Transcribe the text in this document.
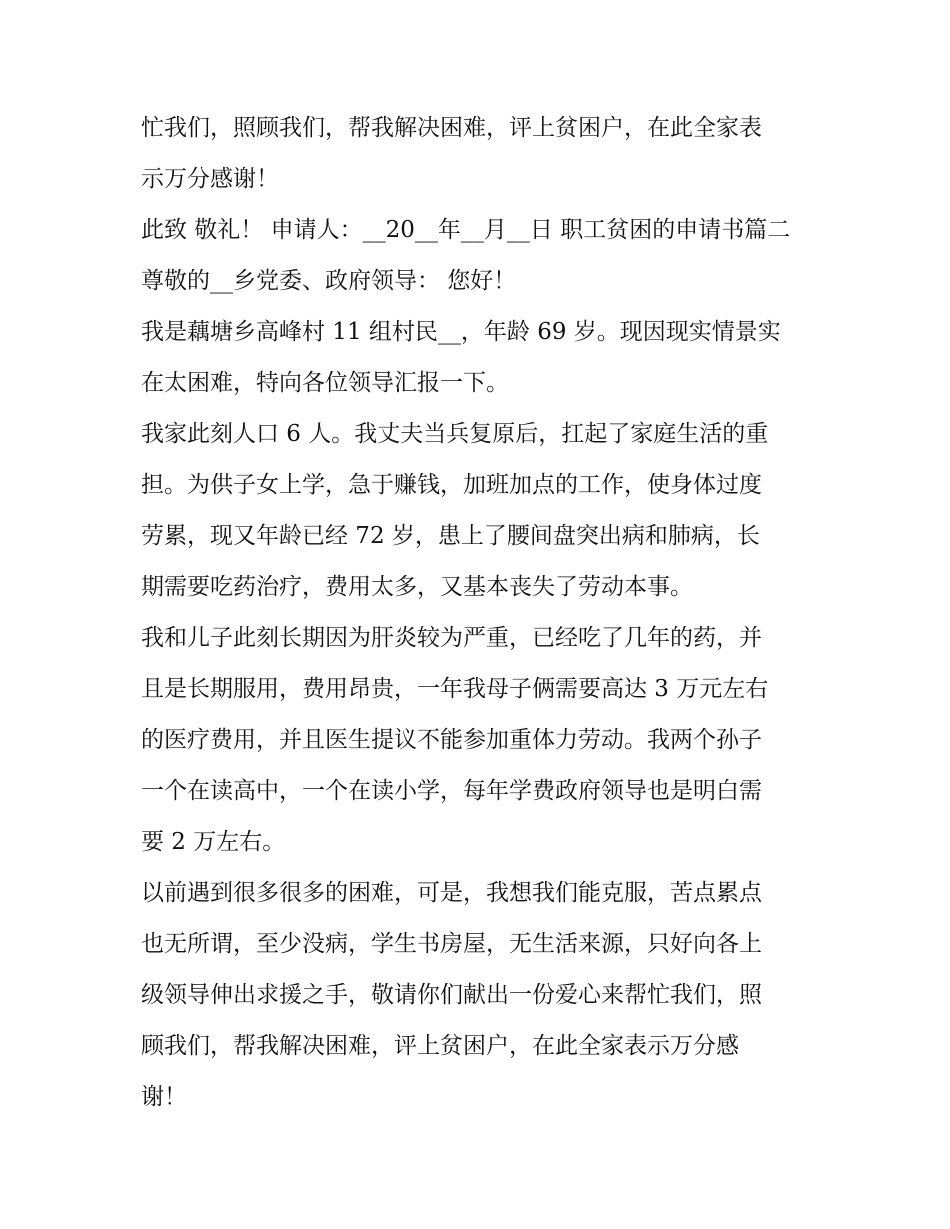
忙我们，照顾我们，帮我解决困难，评上贫困户，在此全家表
示万分感谢！
此致 敬礼！ 申请人：__20__年__月__日 职工贫困的申请书篇二
尊敬的__乡党委、政府领导： 您好！
我是藕塘乡高峰村 11 组村民__，年龄 69 岁。现因现实情景实
在太困难，特向各位领导汇报一下。
我家此刻人口 6 人。我丈夫当兵复原后，扛起了家庭生活的重
担。为供子女上学，急于赚钱，加班加点的工作，使身体过度
劳累，现又年龄已经 72 岁，患上了腰间盘突出病和肺病，长
期需要吃药治疗，费用太多，又基本丧失了劳动本事。
我和儿子此刻长期因为肝炎较为严重，已经吃了几年的药，并
且是长期服用，费用昂贵，一年我母子俩需要高达 3 万元左右
的医疗费用，并且医生提议不能参加重体力劳动。我两个孙子
一个在读高中，一个在读小学，每年学费政府领导也是明白需
要 2 万左右。
以前遇到很多很多的困难，可是，我想我们能克服，苦点累点
也无所谓，至少没病，学生书房屋，无生活来源，只好向各上
级领导伸出求援之手，敬请你们献出一份爱心来帮忙我们，照
顾我们，帮我解决困难，评上贫困户，在此全家表示万分感
谢！
